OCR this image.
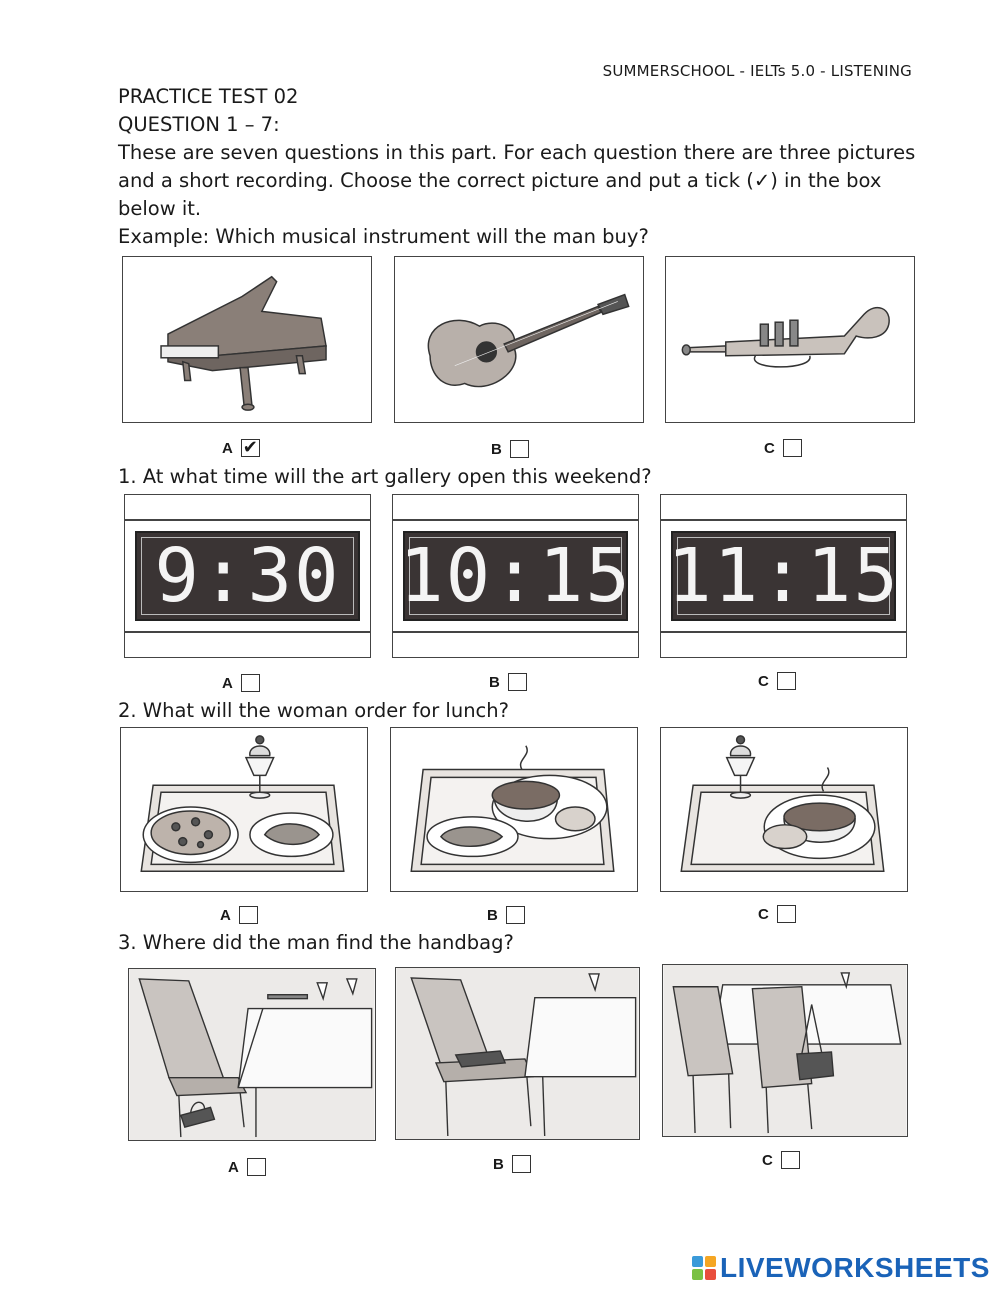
SUMMERSCHOOL - IELTs 5.0 - LISTENING
PRACTICE TEST 02
QUESTION 1 – 7:
These are seven questions in this part. For each question there are three pictures and a short recording. Choose the correct picture and put a tick (✓) in the box below it.
Example: Which musical instrument will the man buy?
A ✔	B	C
1. At what time will the art gallery open this weekend?
9:30 10:15 11:15
A	B	C
2. What will the woman order for lunch?
A	B	C
3. Where did the man find the handbag?
A	B	C
LIVEWORKSHEETS
